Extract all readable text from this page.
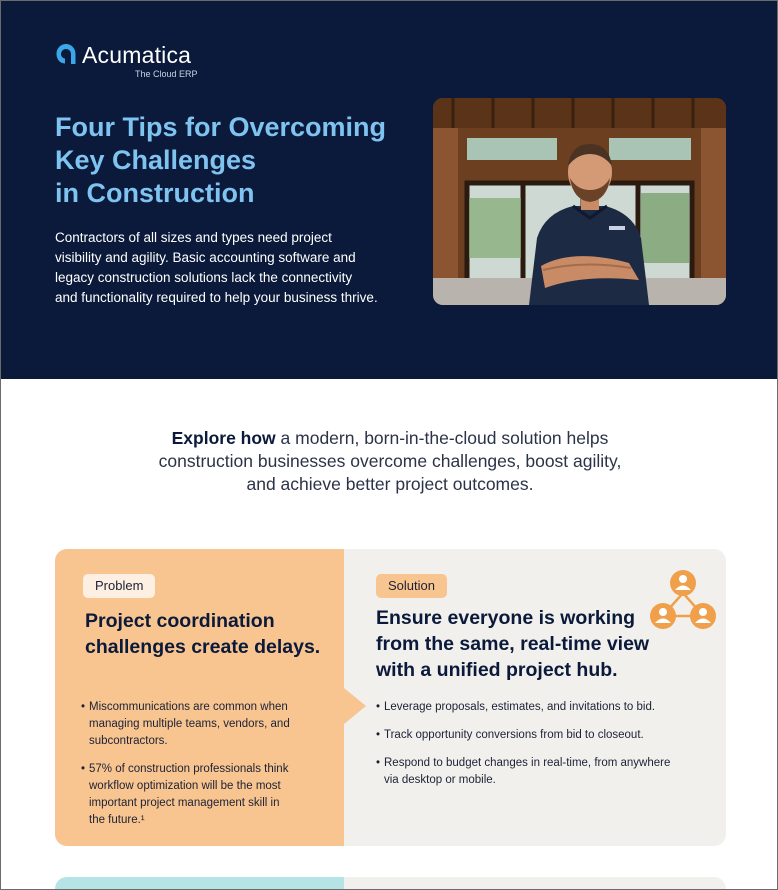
Acumatica
The Cloud ERP
Four Tips for Overcoming
Key Challenges
in Construction

Contractors of all sizes and types need project
visibility and agility. Basic accounting software and
legacy construction solutions lack the connectivity
and functionality required to help your business thrive.

Explore how a modern, born-in-the-cloud solution helps
construction businesses overcome challenges, boost agility,
and achieve better project outcomes.
Problem
Project coordination
challenges create delays.
• Miscommunications are common when
managing multiple teams, vendors, and
subcontractors.
• 57% of construction professionals think
workflow optimization will be the most
important project management skill in
the future.¹
Solution
Ensure everyone is working
from the same, real-time view
with a unified project hub.
• Leverage proposals, estimates, and invitations to bid.
• Track opportunity conversions from bid to closeout.
• Respond to budget changes in real-time, from anywhere
via desktop or mobile.
